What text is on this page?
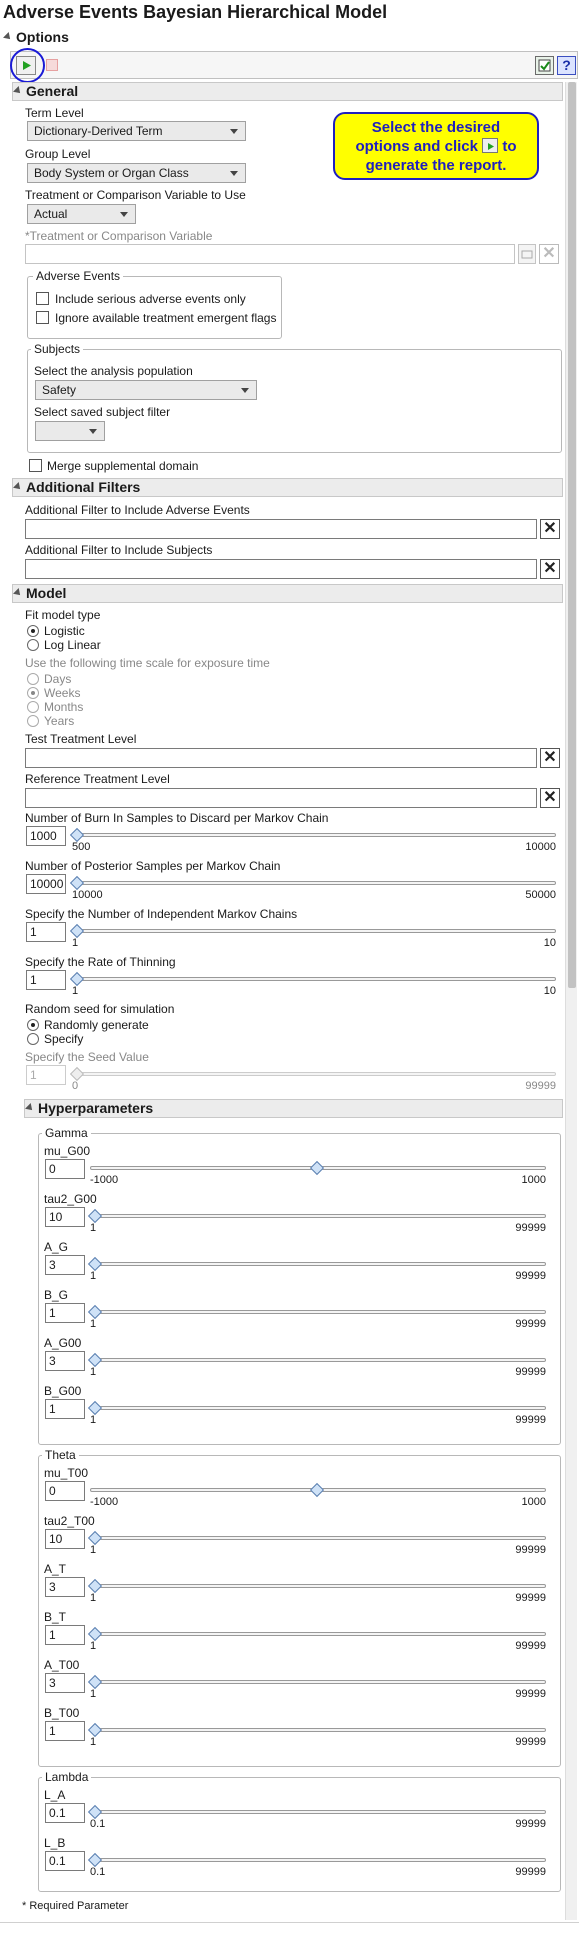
Adverse Events Bayesian Hierarchical Model
Options
?
General
Select the desired
options and click to
generate the report.
Term Level
Dictionary-Derived Term
Group Level
Body System or Organ Class
Treatment or Comparison Variable to Use
Actual
*Treatment or Comparison Variable
✕
Adverse Events
Include serious adverse events only
Ignore available treatment emergent flags
Subjects
Select the analysis population
Safety
Select saved subject filter
Merge supplemental domain
Additional Filters
Additional Filter to Include Adverse Events
✕
Additional Filter to Include Subjects
✕
Model
Fit model type
Use the following time scale for exposure time
Test Treatment Level
✕
Reference Treatment Level
✕
Random seed for simulation
Hyperparameters
Gamma
Theta
Lambda
* Required Parameter
Logistic
Log Linear
Days
Weeks
Months
Years
Randomly generate
Specify
Number of Burn In Samples to Discard per Markov Chain
1000
500	10000
Number of Posterior Samples per Markov Chain
10000
10000	50000
Specify the Number of Independent Markov Chains
1
1	10
Specify the Rate of Thinning
1
1	10
Specify the Seed Value
1
0	99999
mu_G00
0
-1000	1000
tau2_G00
10
1	99999
A_G
3
1	99999
B_G
1
1	99999
A_G00
3
1	99999
B_G00
1
1	99999
mu_T00
0
-1000	1000
tau2_T00
10
1	99999
A_T
3
1	99999
B_T
1
1	99999
A_T00
3
1	99999
B_T00
1
1	99999
L_A
0.1
0.1	99999
L_B
0.1
0.1	99999
